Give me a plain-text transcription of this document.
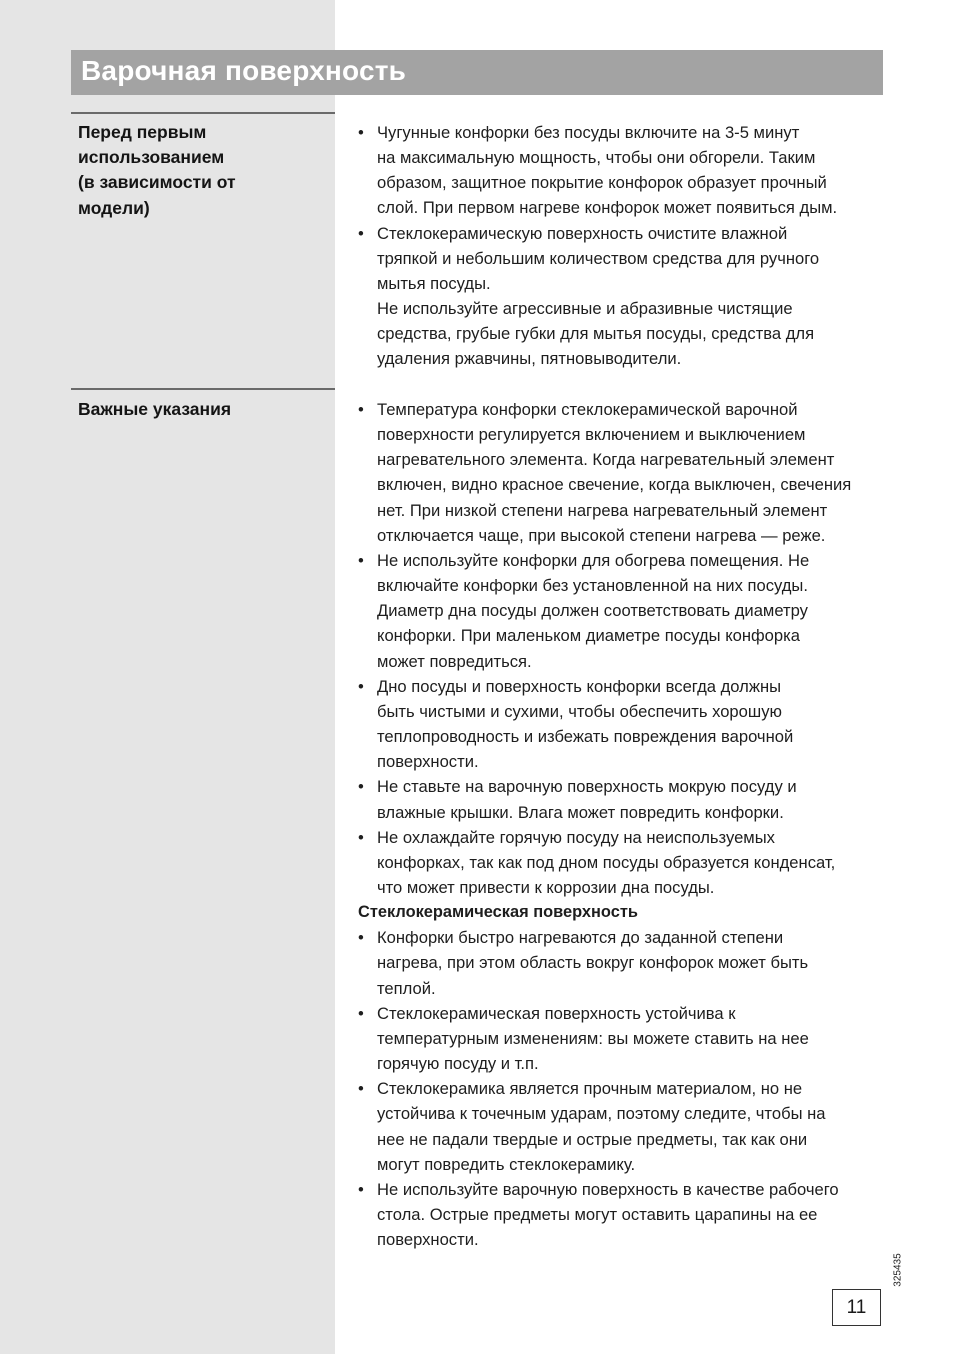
Варочная поверхность
Перед первым
использованием
(в зависимости от
модели)
• Чугунные конфорки без посуды включите на 3-5 минут
на максимальную мощность, чтобы они обгорели. Таким
образом, защитное покрытие конфорок образует прочный
слой. При первом нагреве конфорок может появиться дым.
• Стеклокерамическую поверхность очистите влажной
тряпкой и небольшим количеством средства для ручного
мытья посуды.
Не используйте агрессивные и абразивные чистящие
средства, грубые губки для мытья посуды, средства для
удаления ржавчины, пятновыводители.
Важные указания	• Температура конфорки стеклокерамической варочной
поверхности регулируется включением и выключением
нагревательного элемента. Когда нагревательный элемент
включен, видно красное свечение, когда выключен, свечения
нет. При низкой степени нагрева нагревательный элемент
отключается чаще, при высокой степени нагрева — реже.
• Не используйте конфорки для обогрева помещения. Не
включайте конфорки без установленной на них посуды.
Диаметр дна посуды должен соответствовать диаметру
конфорки. При маленьком диаметре посуды конфорка
может повредиться.
• Дно посуды и поверхность конфорки всегда должны
быть чистыми и сухими, чтобы обеспечить хорошую
теплопроводность и избежать повреждения варочной
поверхности.
• Не ставьте на варочную поверхность мокрую посуду и
влажные крышки. Влага может повредить конфорки.
• Не охлаждайте горячую посуду на неиспользуемых
конфорках, так как под дном посуды образуется конденсат,
что может привести к коррозии дна посуды.
Стеклокерамическая поверхность
• Конфорки быстро нагреваются до заданной степени
нагрева, при этом область вокруг конфорок может быть
теплой.
• Стеклокерамическая поверхность устойчива к
температурным изменениям: вы можете ставить на нее
горячую посуду и т.п.
• Стеклокерамика является прочным материалом, но не
устойчива к точечным ударам, поэтому следите, чтобы на
нее не падали твердые и острые предметы, так как они
могут повредить стеклокерамику.
• Не используйте варочную поверхность в качестве рабочего
стола. Острые предметы могут оставить царапины на ее
поверхности.
325435
11
